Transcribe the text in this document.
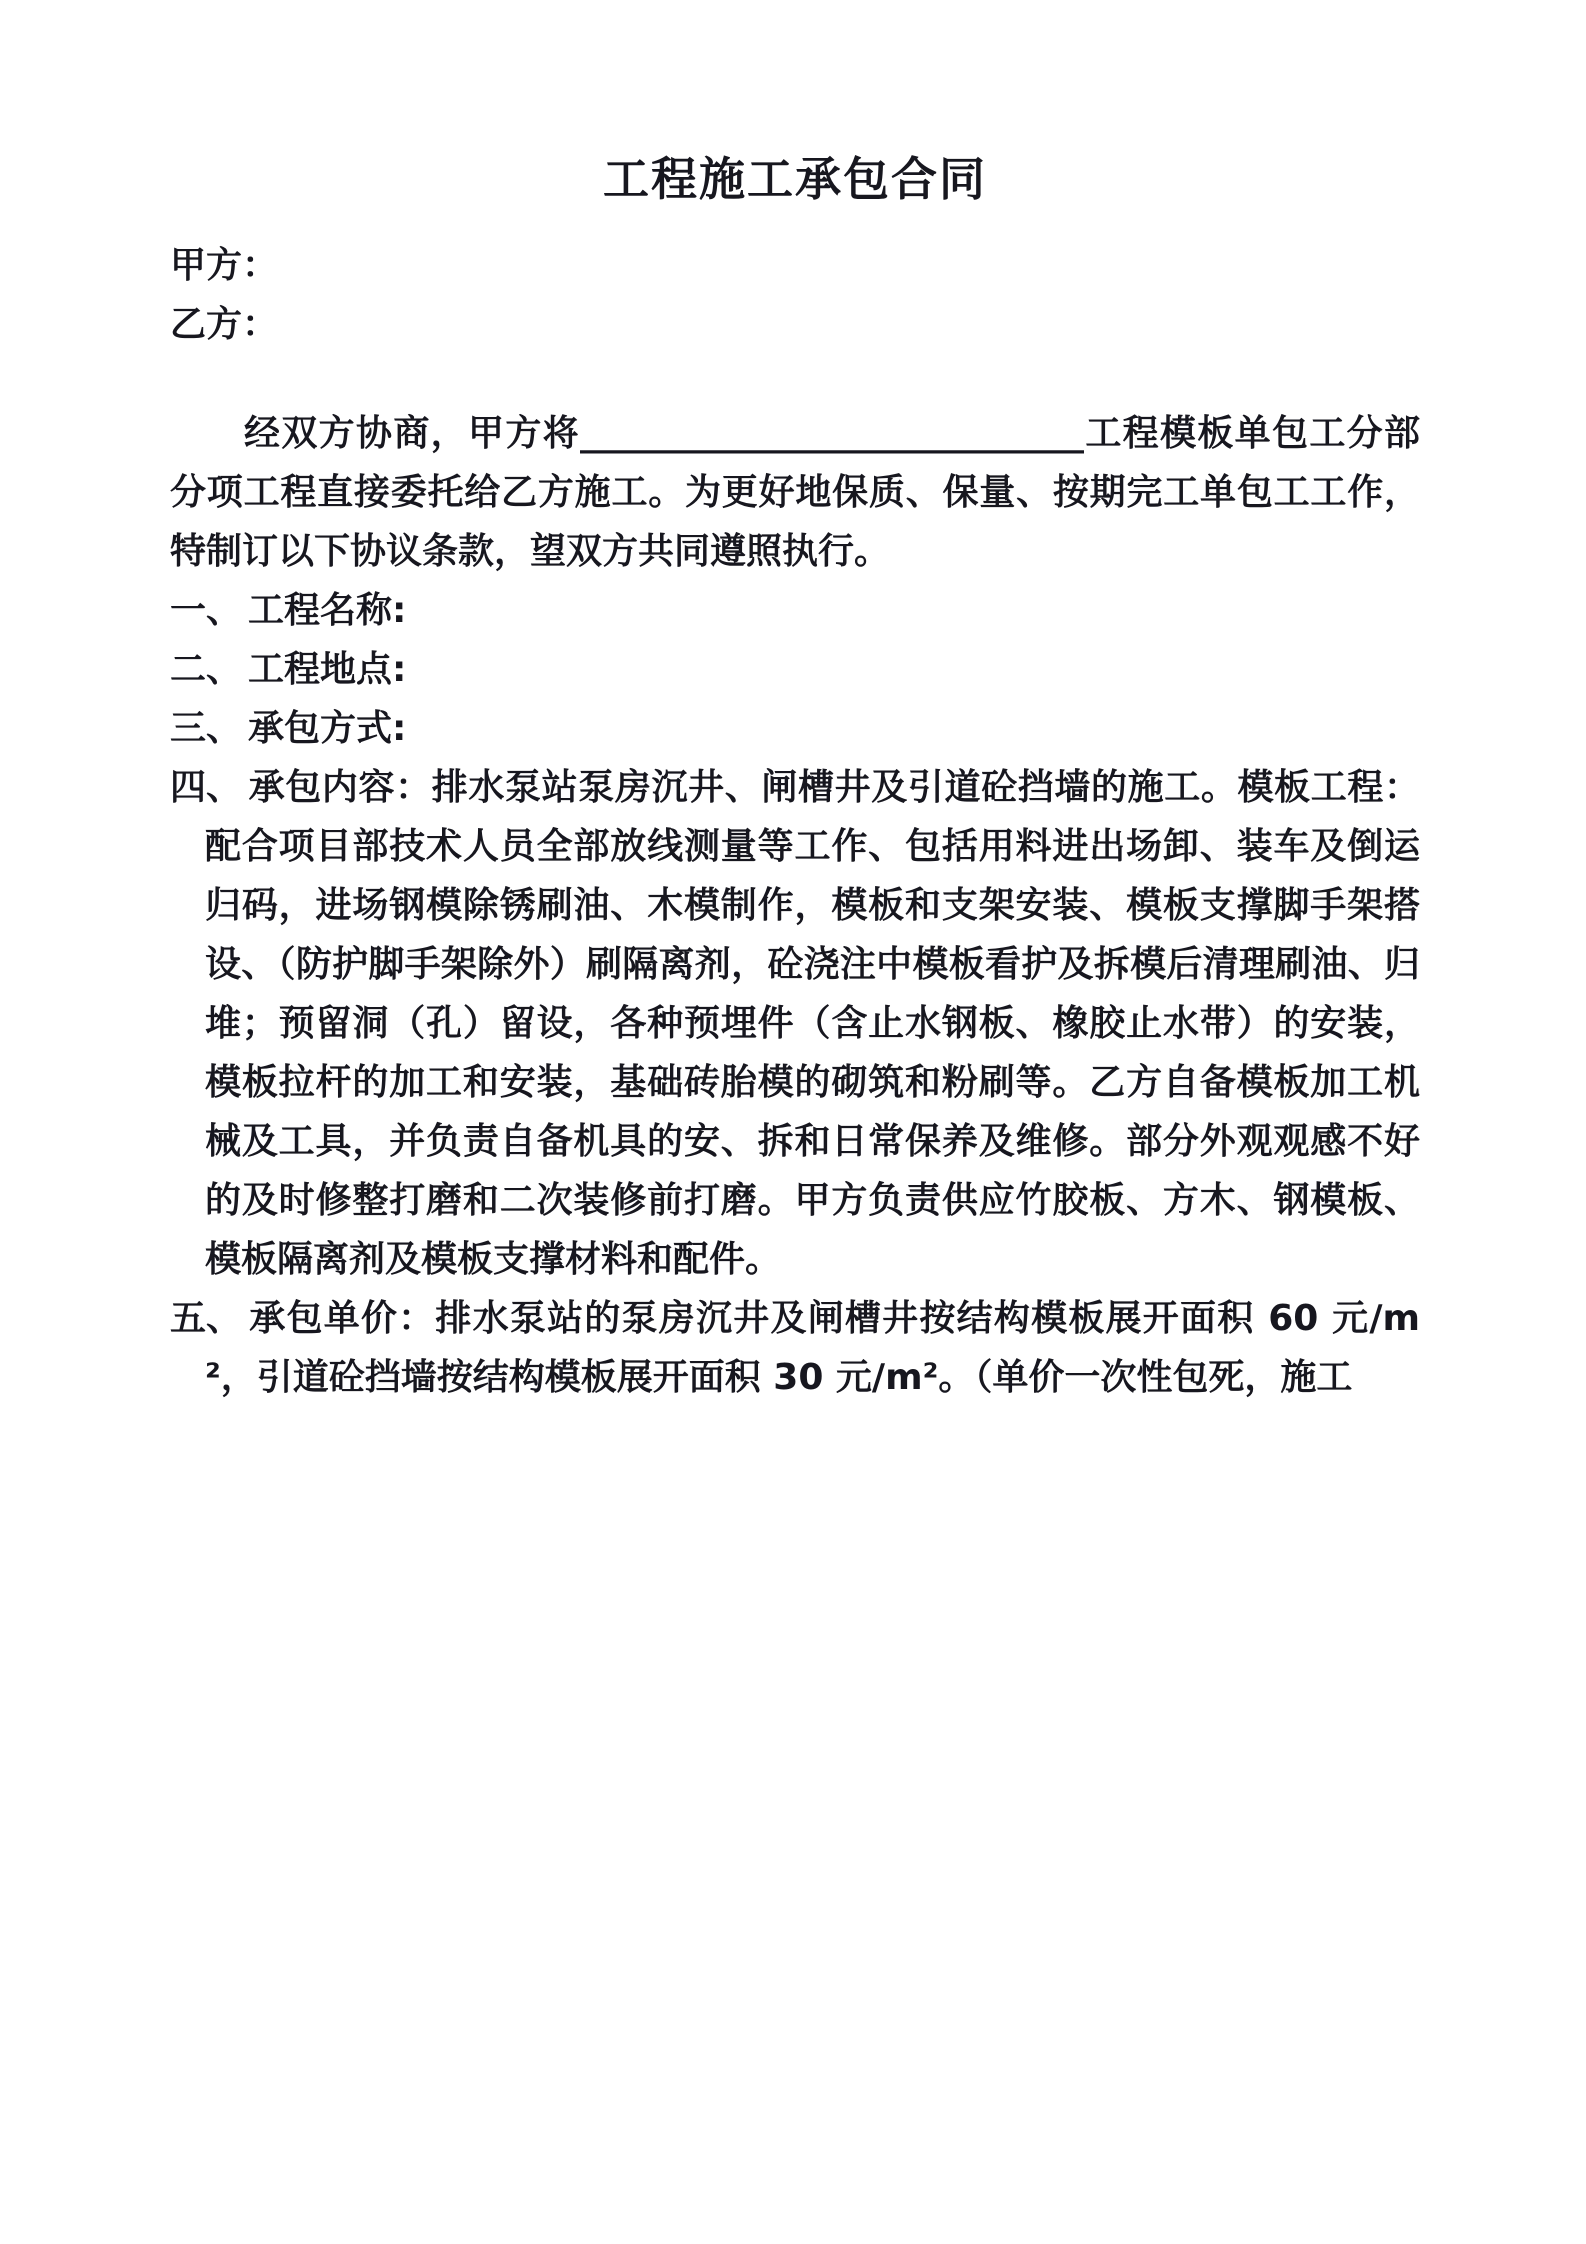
工程施工承包合同

甲方：

乙方：

经双方协商，甲方将____________________________工程模板单包工分部分项工程直接委托给乙方施工。为更好地保质、保量、按期完工单包工工作，特制订以下协议条款，望双方共同遵照执行。

一、 工程名称:
二、 工程地点:
三、 承包方式:
四、 承包内容：排水泵站泵房沉井、闸槽井及引道砼挡墙的施工。模板工程：配合项目部技术人员全部放线测量等工作、包括用料进出场卸、装车及倒运归码，进场钢模除锈刷油、木模制作，模板和支架安装、模板支撑脚手架搭设、（防护脚手架除外）刷隔离剂，砼浇注中模板看护及拆模后清理刷油、归堆；预留洞（孔）留设，各种预埋件（含止水钢板、橡胶止水带）的安装，模板拉杆的加工和安装，基础砖胎模的砌筑和粉刷等。乙方自备模板加工机械及工具，并负责自备机具的安、拆和日常保养及维修。部分外观观感不好的及时修整打磨和二次装修前打磨。甲方负责供应竹胶板、方木、钢模板、模板隔离剂及模板支撑材料和配件。
五、 承包单价：排水泵站的泵房沉井及闸槽井按结构模板展开面积 60 元/m²，引道砼挡墙按结构模板展开面积 30 元/m²。（单价一次性包死，施工
